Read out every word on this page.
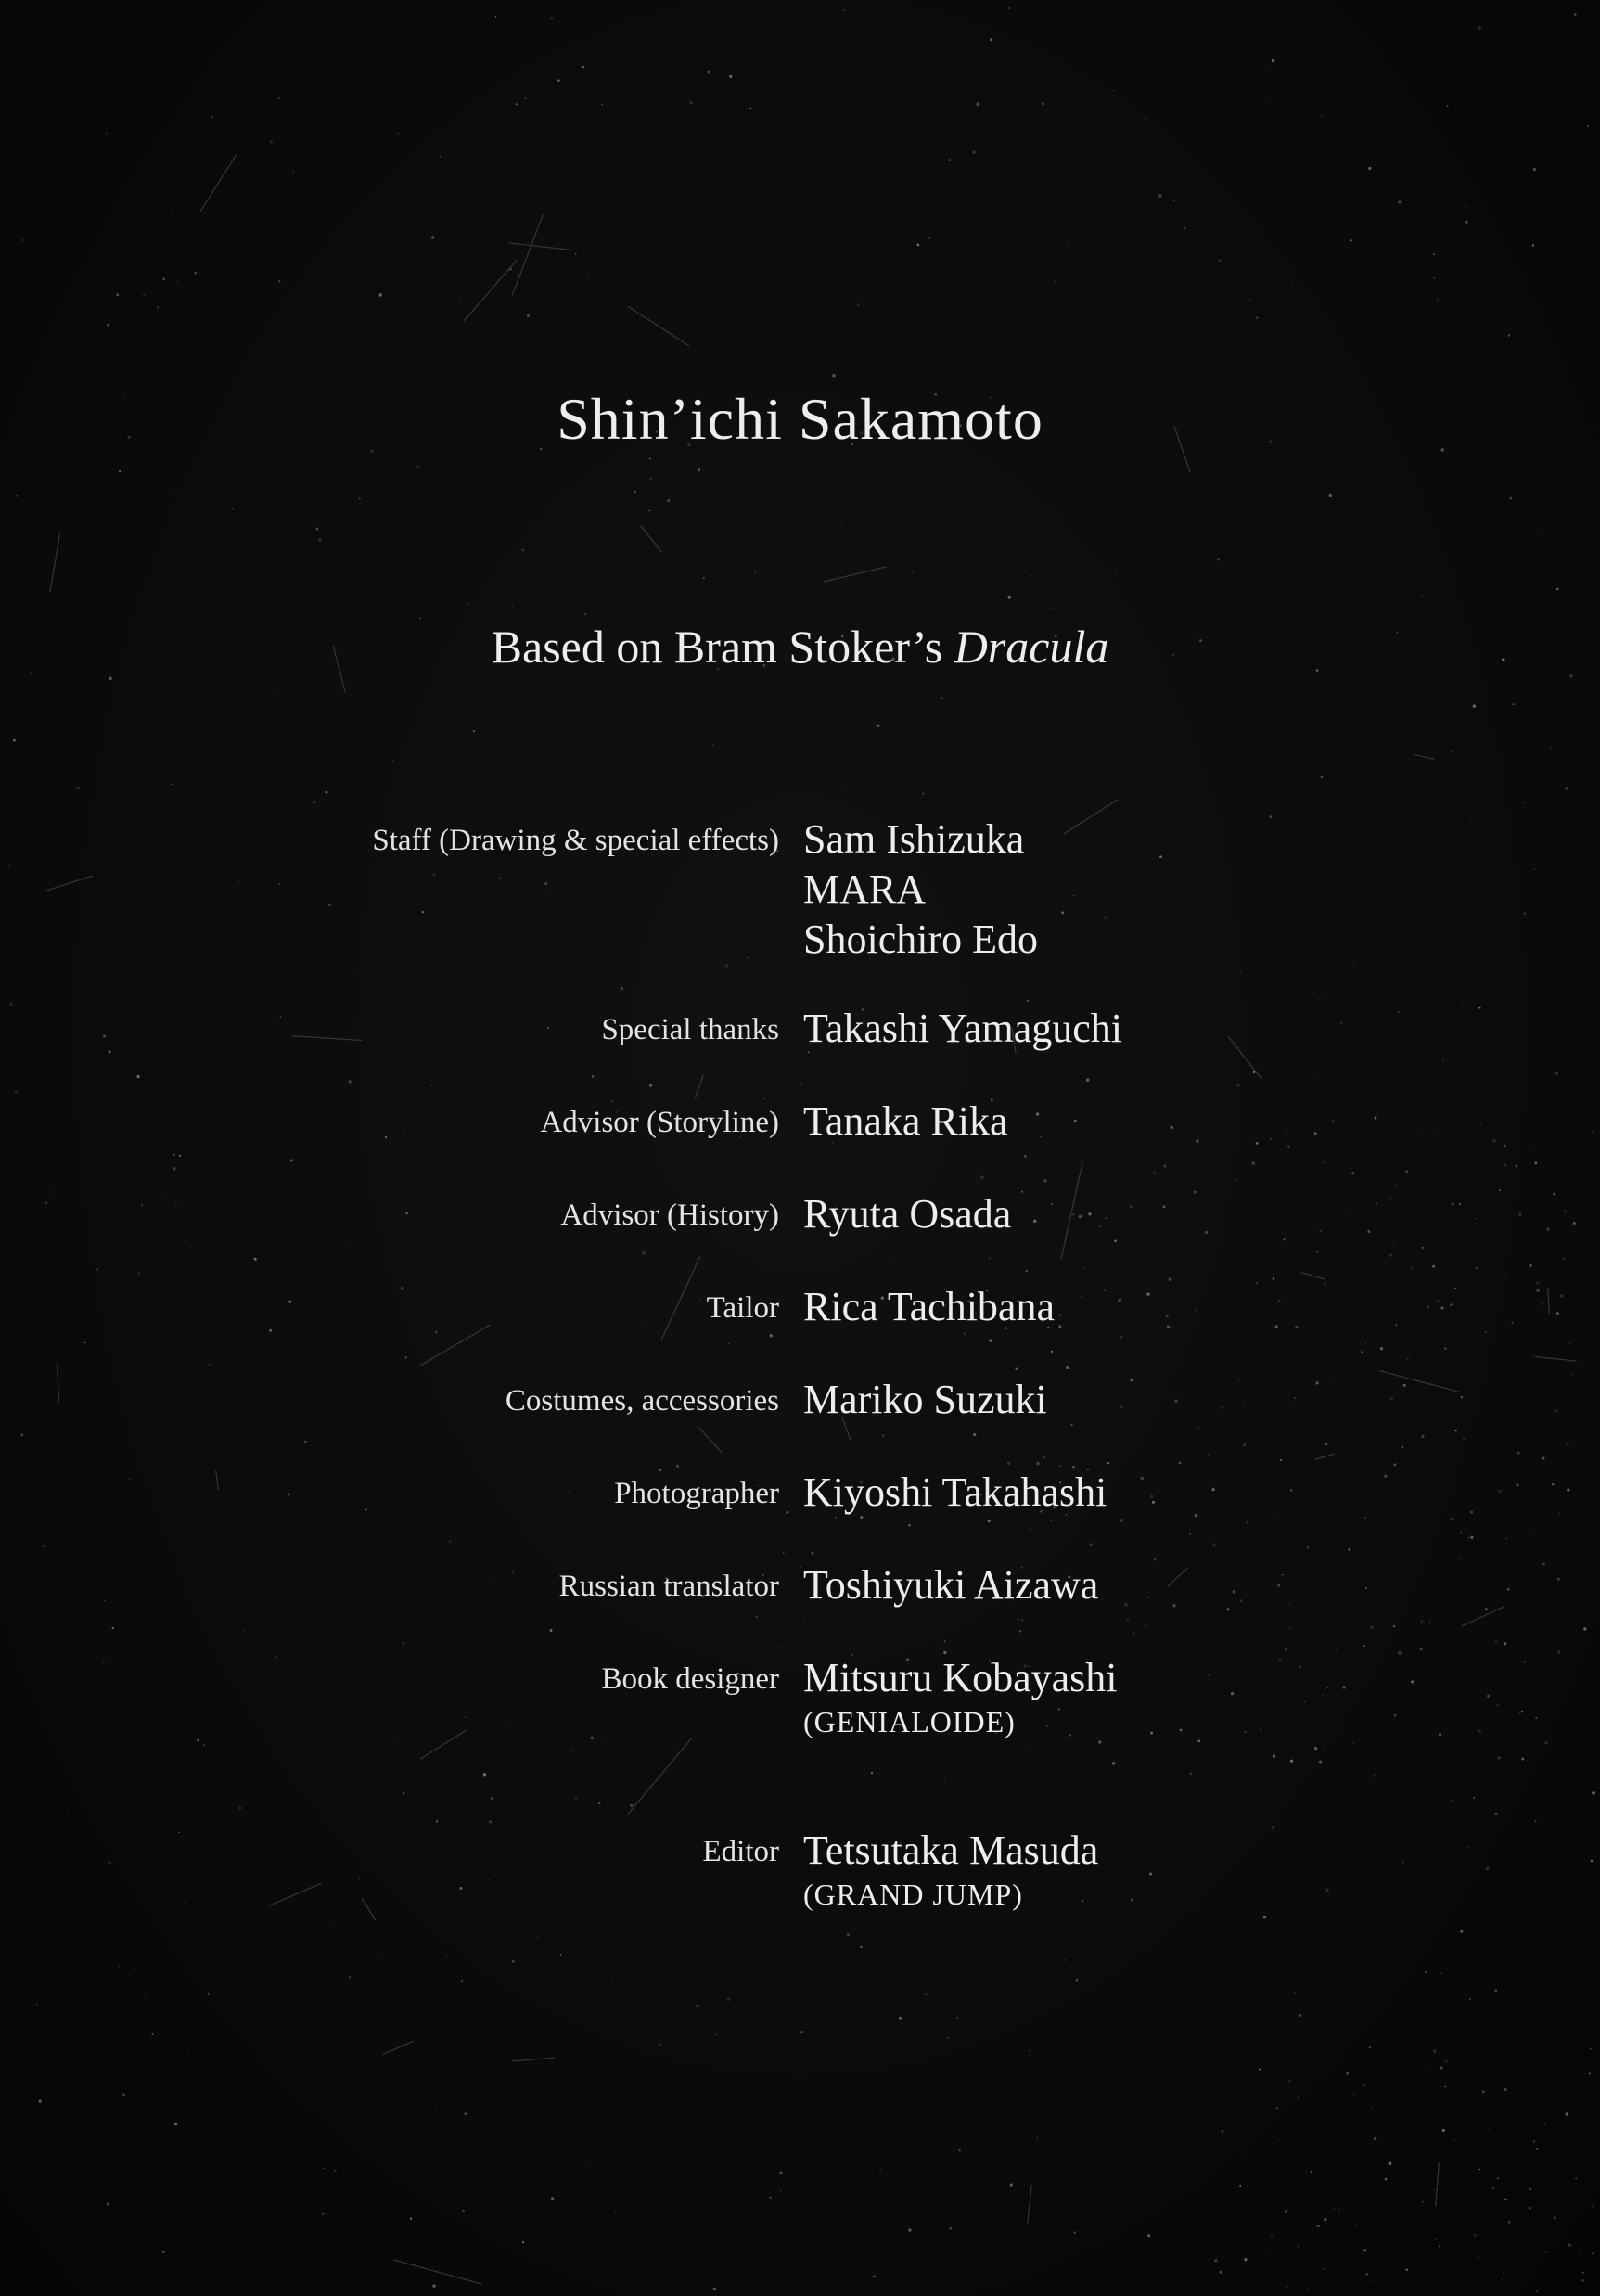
Shin’ichi Sakamoto
Based on Bram Stoker’s Dracula
Staff (Drawing & special effects) Sam Ishizuka
MARA
Shoichiro Edo
Special thanks Takashi Yamaguchi
Advisor (Storyline) Tanaka Rika
Advisor (History) Ryuta Osada
Tailor Rica Tachibana
Costumes, accessories Mariko Suzuki
Photographer Kiyoshi Takahashi
Russian translator Toshiyuki Aizawa
Book designer Mitsuru Kobayashi
(GENIALOIDE)
Editor Tetsutaka Masuda
(GRAND JUMP)
